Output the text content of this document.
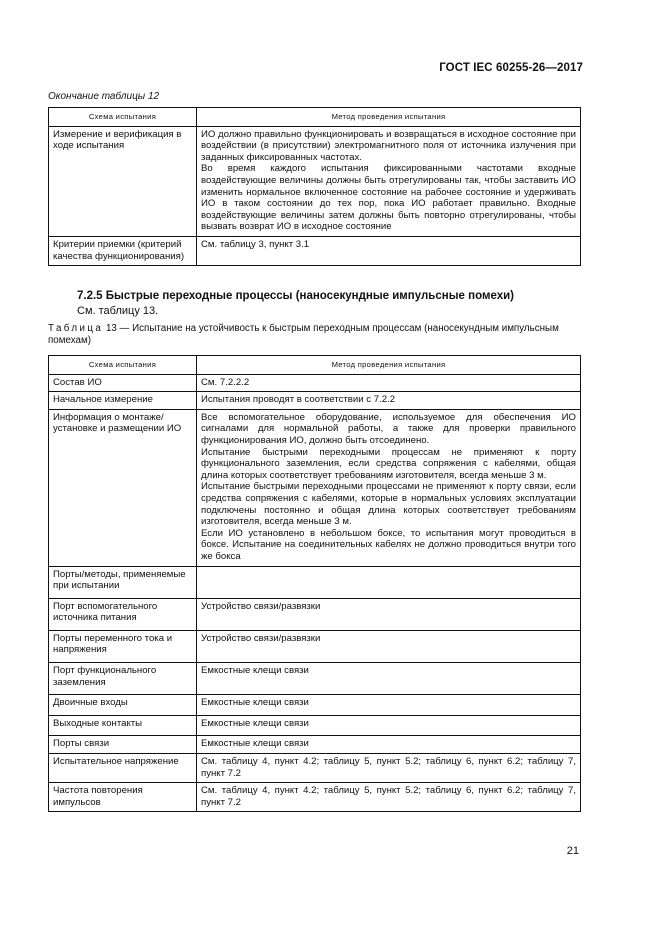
ГОСТ IEC 60255-26—2017
Окончание таблицы 12
Схема испытания	Метод проведения испытания
Измерение и верификация в ходе испытания	ИО должно правильно функционировать и возвращаться в исходное состояние при воздействии (в присутствии) электромагнитного поля от источника излучения при заданных фиксированных частотах.
Во время каждого испытания фиксированными частотами входные воздействующие величины должны быть отрегулированы так, чтобы заставить ИО изменить нормальное включенное состояние на рабочее состояние и удерживать ИО в таком состоянии до тех пор, пока ИО работает правильно. Входные воздействующие величины затем должны быть повторно отрегулированы, чтобы вызвать возврат ИО в исходное состояние

Критерии приемки (критерий качества функционирования)	См. таблицу 3, пункт 3.1
7.2.5 Быстрые переходные процессы (наносекундные импульсные помехи)
См. таблицу 13.
Таблица 13 — Испытание на устойчивость к быстрым переходным процессам (наносекундным импульсным помехам)
Схема испытания	Метод проведения испытания
Состав ИО	См. 7.2.2.2
Начальное измерение	Испытания проводят в соответствии с 7.2.2
Информация о монтаже/ установке и размещении ИО	Все вспомогательное оборудование, используемое для обеспечения ИО сигналами для нормальной работы, а также для проверки правильного функционирования ИО, должно быть отсоединено.
Испытание быстрыми переходными процессам не применяют к порту функционального заземления, если средства сопряжения с кабелями, общая длина которых соответствует требованиям изготовителя, всегда меньше 3 м.
Испытание быстрыми переходными процессами не применяют к порту связи, если средства сопряжения с кабелями, которые в нормальных условиях эксплуатации подключены постоянно и общая длина которых соответствует требованиям изготовителя, всегда меньше 3 м.
Если ИО установлено в небольшом боксе, то испытания могут проводиться в боксе. Испытание на соединительных кабелях не должно проводиться внутри того же бокса

Порты/методы, применяемые при испытании	
Порт вспомогательного источника питания	Устройство связи/развязки
Порты переменного тока и напряжения	Устройство связи/развязки
Порт функционального заземления	Емкостные клещи связи
Двоичные входы	Емкостные клещи связи
Выходные контакты	Емкостные клещи связи
Порты связи	Емкостные клещи связи
Испытательное напряжение	См. таблицу 4, пункт 4.2; таблицу 5, пункт 5.2; таблицу 6, пункт 6.2; таблицу 7, пункт 7.2
Частота повторения импульсов	См. таблицу 4, пункт 4.2; таблицу 5, пункт 5.2; таблицу 6, пункт 6.2; таблицу 7, пункт 7.2
21
